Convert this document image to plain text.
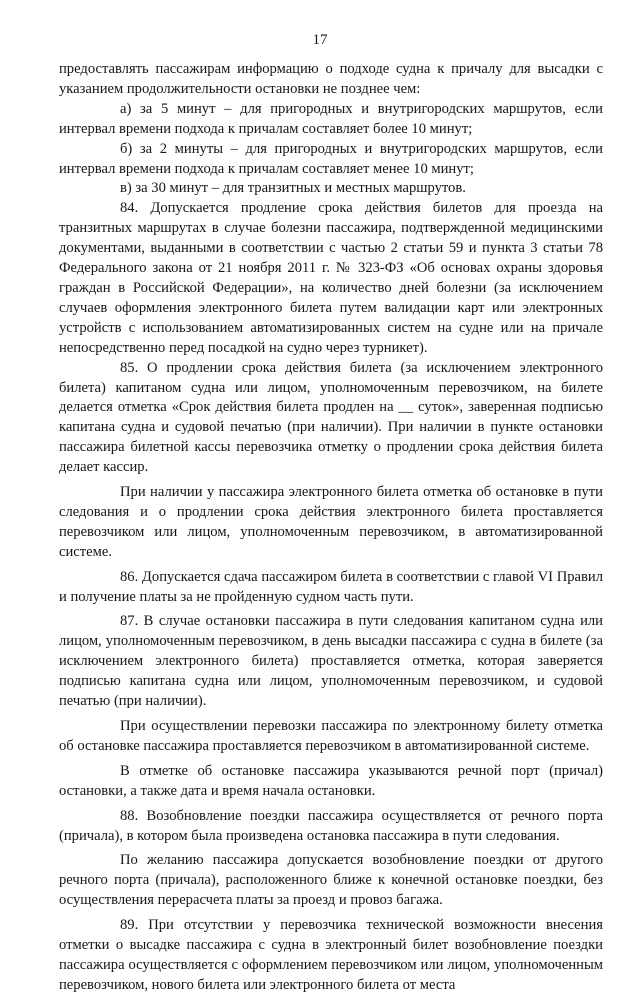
17

предоставлять пассажирам информацию о подходе судна к причалу для высадки с указанием продолжительности остановки не позднее чем:

а) за 5 минут – для пригородных и внутригородских маршрутов, если интервал времени подхода к причалам составляет более 10 минут;

б) за 2 минуты – для пригородных и внутригородских маршрутов, если интервал времени подхода к причалам составляет менее 10 минут;

в) за 30 минут – для транзитных и местных маршрутов.

84. Допускается продление срока действия билетов для проезда на транзитных маршрутах в случае болезни пассажира, подтвержденной медицинскими документами, выданными в соответствии с частью 2 статьи 59 и пункта 3 статьи 78 Федерального закона от 21 ноября 2011 г. № 323-ФЗ «Об основах охраны здоровья граждан в Российской Федерации», на количество дней болезни (за исключением случаев оформления электронного билета путем валидации карт или электронных устройств с использованием автоматизированных систем на судне или на причале непосредственно перед посадкой на судно через турникет).

85. О продлении срока действия билета (за исключением электронного билета) капитаном судна или лицом, уполномоченным перевозчиком, на билете делается отметка «Срок действия билета продлен на __ суток», заверенная подписью капитана судна и судовой печатью (при наличии). При наличии в пункте остановки пассажира билетной кассы перевозчика отметку о продлении срока действия билета делает кассир.

При наличии у пассажира электронного билета отметка об остановке в пути следования и о продлении срока действия электронного билета проставляется перевозчиком или лицом, уполномоченным перевозчиком, в автоматизированной системе.

86. Допускается сдача пассажиром билета в соответствии с главой VI Правил и получение платы за не пройденную судном часть пути.

87. В случае остановки пассажира в пути следования капитаном судна или лицом, уполномоченным перевозчиком, в день высадки пассажира с судна в билете (за исключением электронного билета) проставляется отметка, которая заверяется подписью капитана судна или лицом, уполномоченным перевозчиком, и судовой печатью (при наличии).

При осуществлении перевозки пассажира по электронному билету отметка об остановке пассажира проставляется перевозчиком в автоматизированной системе.

В отметке об остановке пассажира указываются речной порт (причал) остановки, а также дата и время начала остановки.

88. Возобновление поездки пассажира осуществляется от речного порта (причала), в котором была произведена остановка пассажира в пути следования.

По желанию пассажира допускается возобновление поездки от другого речного порта (причала), расположенного ближе к конечной остановке поездки, без осуществления перерасчета платы за проезд и провоз багажа.

89. При отсутствии у перевозчика технической возможности внесения отметки о высадке пассажира с судна в электронный билет возобновление поездки пассажира осуществляется с оформлением перевозчиком или лицом, уполномоченным перевозчиком, нового билета или электронного билета от места
